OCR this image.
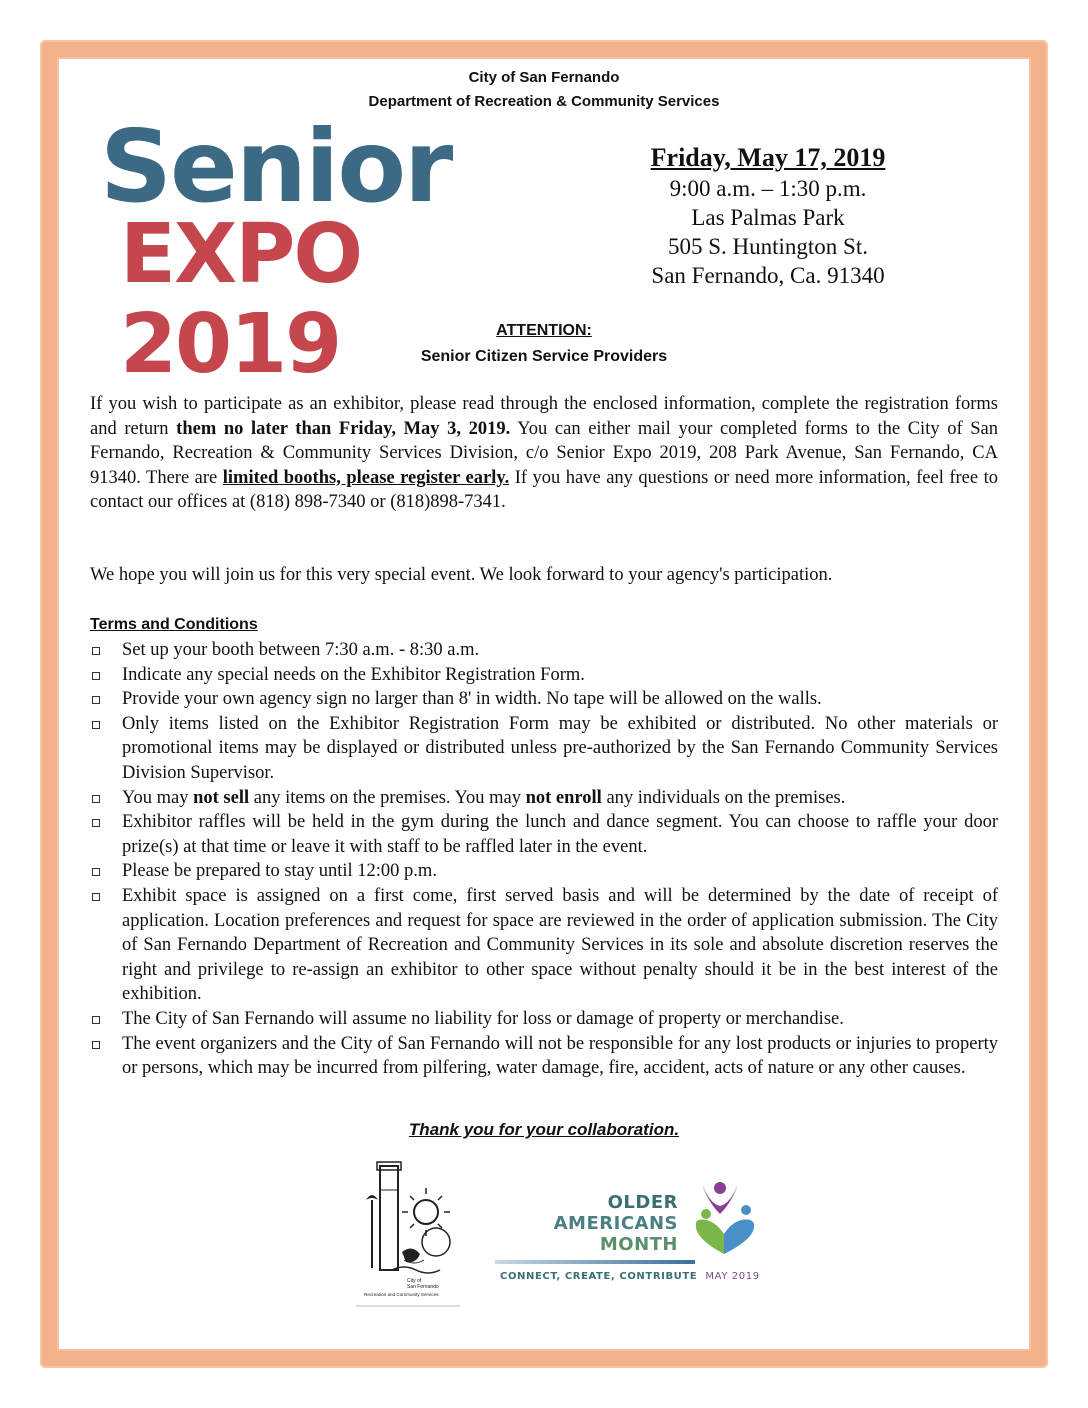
City of San Fernando
Department of Recreation & Community Services
Senior
EXPO 2019
Friday, May 17, 2019
9:00 a.m. – 1:30 p.m.
Las Palmas Park
505 S. Huntington St.
San Fernando, Ca. 91340
ATTENTION:
Senior Citizen Service Providers
If you wish to participate as an exhibitor, please read through the enclosed information, complete the registration forms and return them no later than Friday, May 3, 2019. You can either mail your completed forms to the City of San Fernando, Recreation & Community Services Division, c/o Senior Expo 2019, 208 Park Avenue, San Fernando, CA 91340. There are limited booths, please register early. If you have any questions or need more information, feel free to contact our offices at (818) 898-7340 or (818)898-7341.
We hope you will join us for this very special event. We look forward to your agency's participation.
Terms and Conditions
Set up your booth between 7:30 a.m. - 8:30 a.m.
Indicate any special needs on the Exhibitor Registration Form.
Provide your own agency sign no larger than 8' in width. No tape will be allowed on the walls.
Only items listed on the Exhibitor Registration Form may be exhibited or distributed. No other materials or promotional items may be displayed or distributed unless pre-authorized by the San Fernando Community Services Division Supervisor.
You may not sell any items on the premises. You may not enroll any individuals on the premises.
Exhibitor raffles will be held in the gym during the lunch and dance segment. You can choose to raffle your door prize(s) at that time or leave it with staff to be raffled later in the event.
Please be prepared to stay until 12:00 p.m.
Exhibit space is assigned on a first come, first served basis and will be determined by the date of receipt of application. Location preferences and request for space are reviewed in the order of application submission. The City of San Fernando Department of Recreation and Community Services in its sole and absolute discretion reserves the right and privilege to re-assign an exhibitor to other space without penalty should it be in the best interest of the exhibition.
The City of San Fernando will assume no liability for loss or damage of property or merchandise.
The event organizers and the City of San Fernando will not be responsible for any lost products or injuries to property or persons, which may be incurred from pilfering, water damage, fire, accident, acts of nature or any other causes.
Thank you for your collaboration.
City of
San Fernando
Recreation and Community Services
OLDER
AMERICANS
MONTH
CONNECT, CREATE, CONTRIBUTE MAY 2019
